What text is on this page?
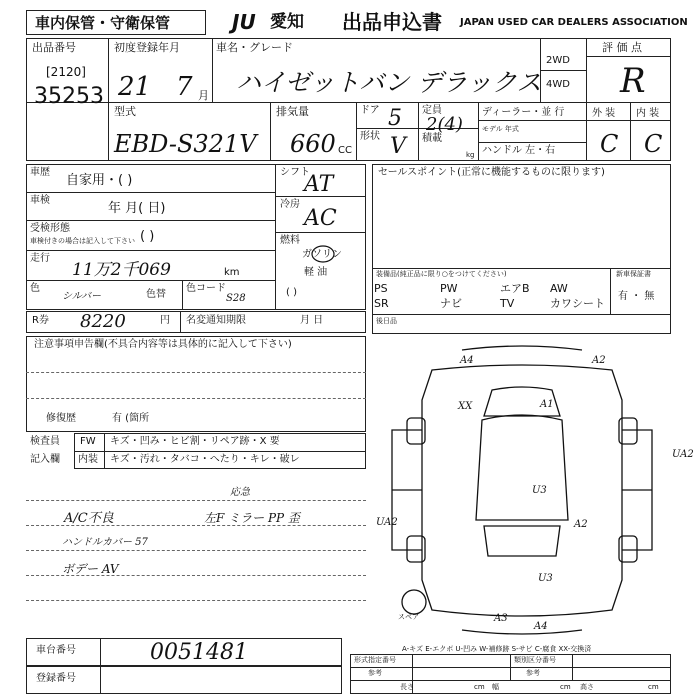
車内保管・守衛保管	JU 愛知 出品申込書 JAPAN USED CAR DEALERS ASSOCIATION
出品番号
[2120]
35253
初度登録年月
21 7 月
車名・グレード
ハイゼットバン デラックス
2WD
4WD
評 価 点
R
外 装 内 装
C C
型式
EBD-S321V
排気量
660 CC
ドア 5
形状 V
定員
2(4)
積載
kg
ディーラー・並 行
モデル 年式
ハンドル 左・右
車歴
自家用・( )
車検
年 月( 日)
受検形態
車検付きの場合は記入して下さい ( )
走行
11万2千069	km
色
シルバー	色替
色コード
S28
シフト
AT
冷房
AC
燃料
ガソリン
軽 油
( )
R券 8220	円 名変通知期限	月 日
セールスポイント(正常に機能するものに限ります)
装備品(純正品に限り○をつけてください)	新車保証書
有 ・ 無
PS	PW	エアB AW
SR	ナビ	TV	カワシート
後日品
注意事項申告欄(不具合内容等は具体的に記入して下さい)
修復歴	有 (箇所
検査員
記入欄
FW キズ・凹み・ヒビ割・リペア跡・X 要
内装 キズ・汚れ・タバコ・へたり・キレ・破レ
応急
A/C不良	左F ミラー PP 歪
ハンドルカバー 57
ボデー AV
A4	A2
XX	A1
UA2
U3
UA2	A2
U3
A3
A4
スペア
A-キズ E-エクボ U-凹み W-補修跡 S-サビ C-腐食 XX-交換済
車台番号	0051481
登録番号
形式指定番号	類別区分番号
参考	参考
長さ	cm 幅	cm 高さ	cm
